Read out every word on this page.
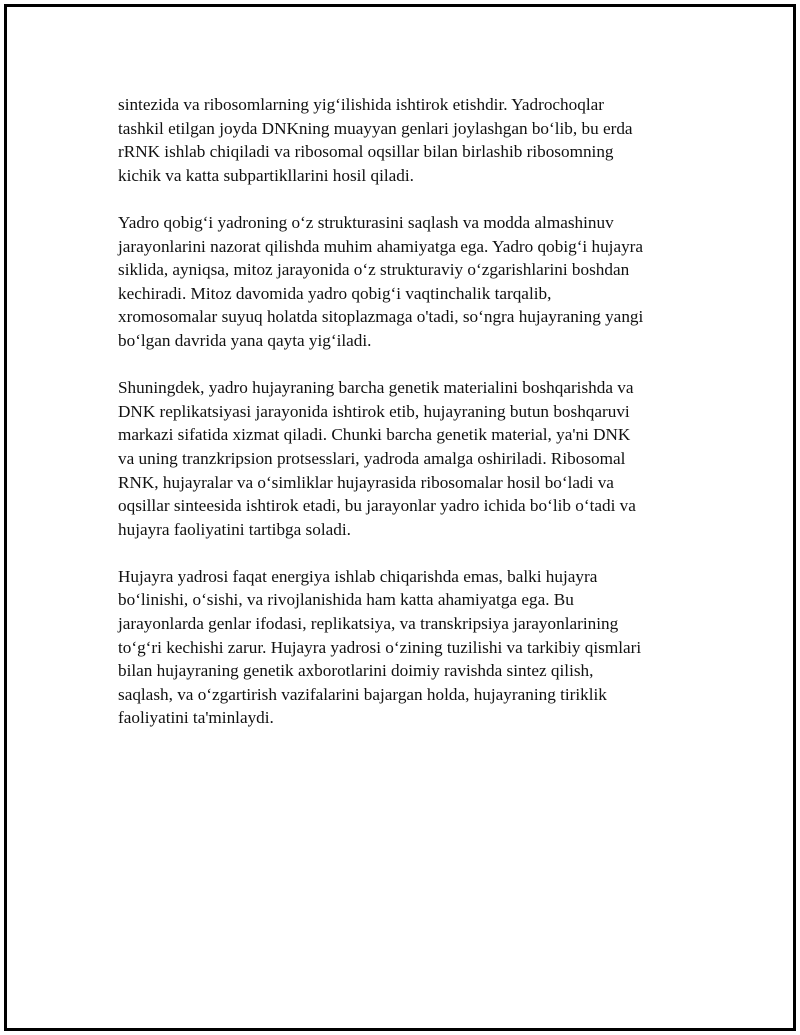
sintezida va ribosomlarning yig‘ilishida ishtirok etishdir. Yadrochoqlar
tashkil etilgan joyda DNKning muayyan genlari joylashgan bo‘lib, bu erda
rRNK ishlab chiqiladi va ribosomal oqsillar bilan birlashib ribosomning
kichik va katta subpartikllarini hosil qiladi.

Yadro qobig‘i yadroning o‘z strukturasini saqlash va modda almashinuv
jarayonlarini nazorat qilishda muhim ahamiyatga ega. Yadro qobig‘i hujayra
siklida, ayniqsa, mitoz jarayonida o‘z strukturaviy o‘zgarishlarini boshdan
kechiradi. Mitoz davomida yadro qobig‘i vaqtinchalik tarqalib,
xromosomalar suyuq holatda sitoplazmaga o'tadi, so‘ngra hujayraning yangi
bo‘lgan davrida yana qayta yig‘iladi.

Shuningdek, yadro hujayraning barcha genetik materialini boshqarishda va
DNK replikatsiyasi jarayonida ishtirok etib, hujayraning butun boshqaruvi
markazi sifatida xizmat qiladi. Chunki barcha genetik material, ya'ni DNK
va uning tranzkripsion protsesslari, yadroda amalga oshiriladi. Ribosomal
RNK, hujayralar va o‘simliklar hujayrasida ribosomalar hosil bo‘ladi va
oqsillar sinteesida ishtirok etadi, bu jarayonlar yadro ichida bo‘lib o‘tadi va
hujayra faoliyatini tartibga soladi.

Hujayra yadrosi faqat energiya ishlab chiqarishda emas, balki hujayra
bo‘linishi, o‘sishi, va rivojlanishida ham katta ahamiyatga ega. Bu
jarayonlarda genlar ifodasi, replikatsiya, va transkripsiya jarayonlarining
to‘g‘ri kechishi zarur. Hujayra yadrosi o‘zining tuzilishi va tarkibiy qismlari
bilan hujayraning genetik axborotlarini doimiy ravishda sintez qilish,
saqlash, va o‘zgartirish vazifalarini bajargan holda, hujayraning tiriklik
faoliyatini ta'minlaydi.
